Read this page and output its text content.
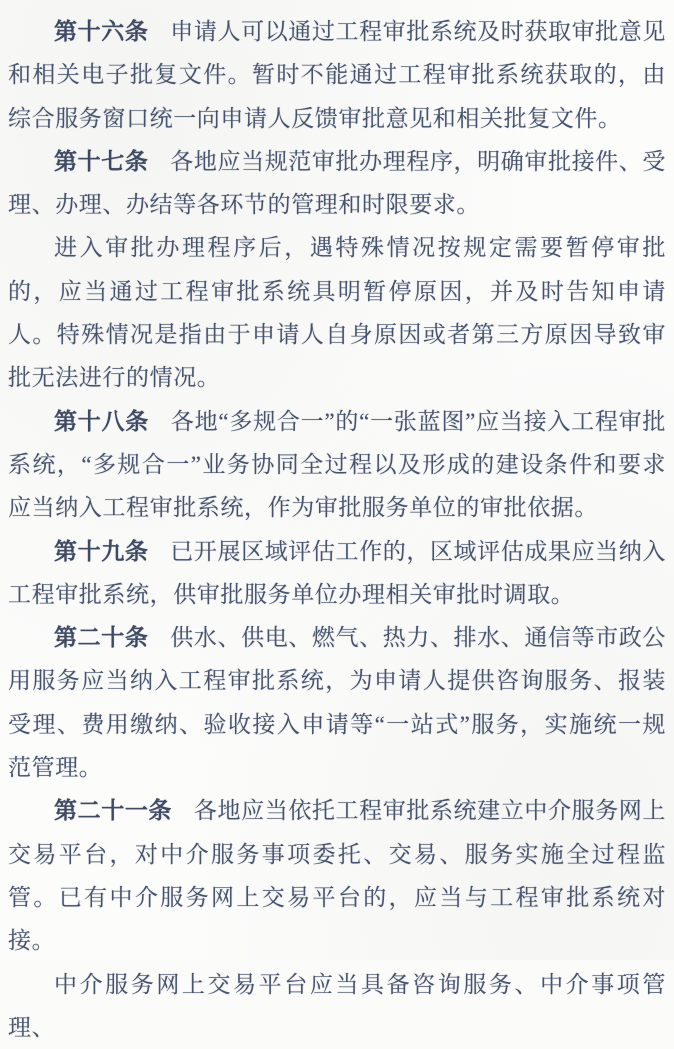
第十六条 申请人可以通过工程审批系统及时获取审批意见和相关电子批复文件。暂时不能通过工程审批系统获取的，由综合服务窗口统一向申请人反馈审批意见和相关批复文件。

第十七条 各地应当规范审批办理程序，明确审批接件、受理、办理、办结等各环节的管理和时限要求。

进入审批办理程序后，遇特殊情况按规定需要暂停审批的，应当通过工程审批系统具明暂停原因，并及时告知申请人。特殊情况是指由于申请人自身原因或者第三方原因导致审批无法进行的情况。

第十八条 各地“多规合一”的“一张蓝图”应当接入工程审批系统，“多规合一”业务协同全过程以及形成的建设条件和要求应当纳入工程审批系统，作为审批服务单位的审批依据。

第十九条 已开展区域评估工作的，区域评估成果应当纳入工程审批系统，供审批服务单位办理相关审批时调取。

第二十条 供水、供电、燃气、热力、排水、通信等市政公用服务应当纳入工程审批系统，为申请人提供咨询服务、报装受理、费用缴纳、验收接入申请等“一站式”服务，实施统一规范管理。

第二十一条 各地应当依托工程审批系统建立中介服务网上交易平台，对中介服务事项委托、交易、服务实施全过程监管。已有中介服务网上交易平台的，应当与工程审批系统对接。

中介服务网上交易平台应当具备咨询服务、中介事项管理、
